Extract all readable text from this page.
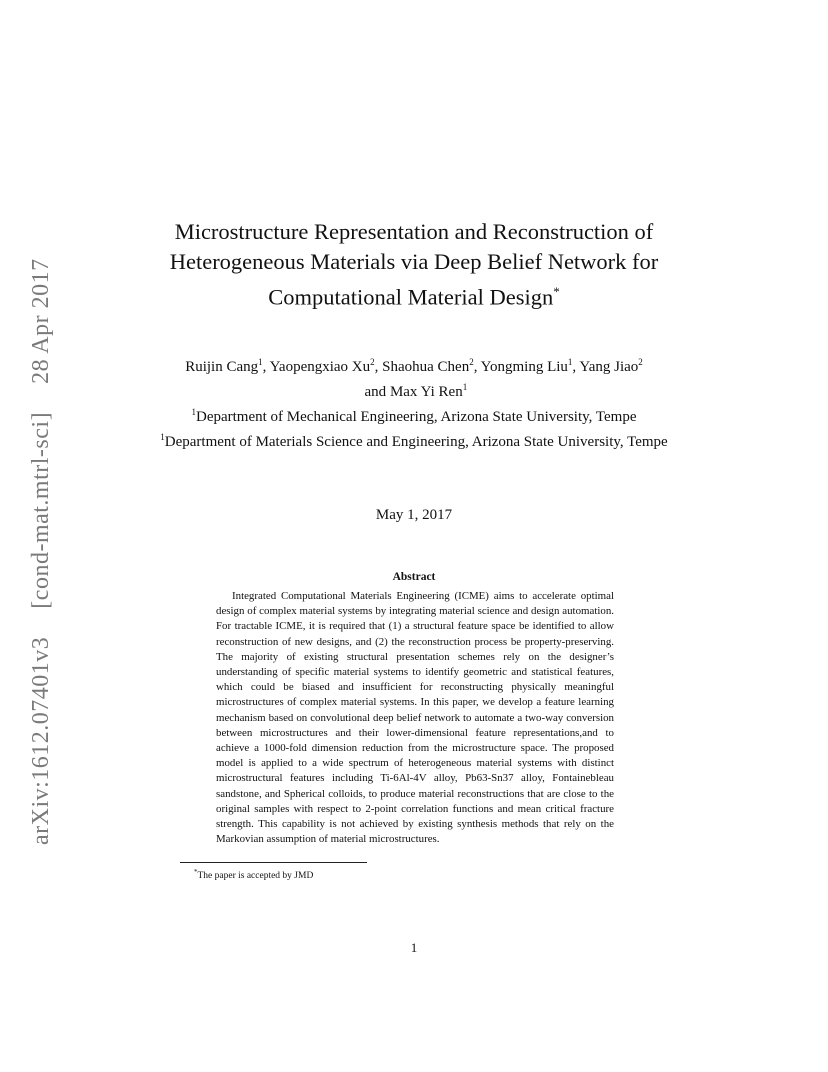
arXiv:1612.07401v3[cond-mat.mtrl-sci]28 Apr 2017
Microstructure Representation and Reconstruction of Heterogeneous Materials via Deep Belief Network for Computational Material Design*
Ruijin Cang$^1$, Yaopengxiao Xu$^2$, Shaohua Chen$^2$, Yongming Liu$^1$, Yang Jiao$^2$ and Max Yi Ren$^1$
$^1$Department of Mechanical Engineering, Arizona State University, Tempe
$^1$Department of Materials Science and Engineering, Arizona State University, Tempe
May 1, 2017
Abstract

Integrated Computational Materials Engineering (ICME) aims to accelerate optimal design of complex material systems by integrating material science and design automation. For tractable ICME, it is required that (1) a structural feature space be identified to allow reconstruction of new designs, and (2) the reconstruction process be property-preserving. The majority of existing structural presentation schemes rely on the designer’s understanding of specific material systems to identify geometric and statistical features, which could be biased and insufficient for reconstructing physically meaningful microstructures of complex material systems. In this paper, we develop a feature learning mechanism based on convolutional deep belief network to automate a two-way conversion between microstructures and their lower-dimensional feature representations,and to achieve a 1000-fold dimension reduction from the microstructure space. The proposed model is applied to a wide spectrum of heterogeneous material systems with distinct microstructural features including Ti-6Al-4V alloy, Pb63-Sn37 alloy, Fontainebleau sandstone, and Spherical colloids, to produce material reconstructions that are close to the original samples with respect to 2-point correlation functions and mean critical fracture strength. This capability is not achieved by existing synthesis methods that rely on the Markovian assumption of material microstructures.

*The paper is accepted by JMD
1
